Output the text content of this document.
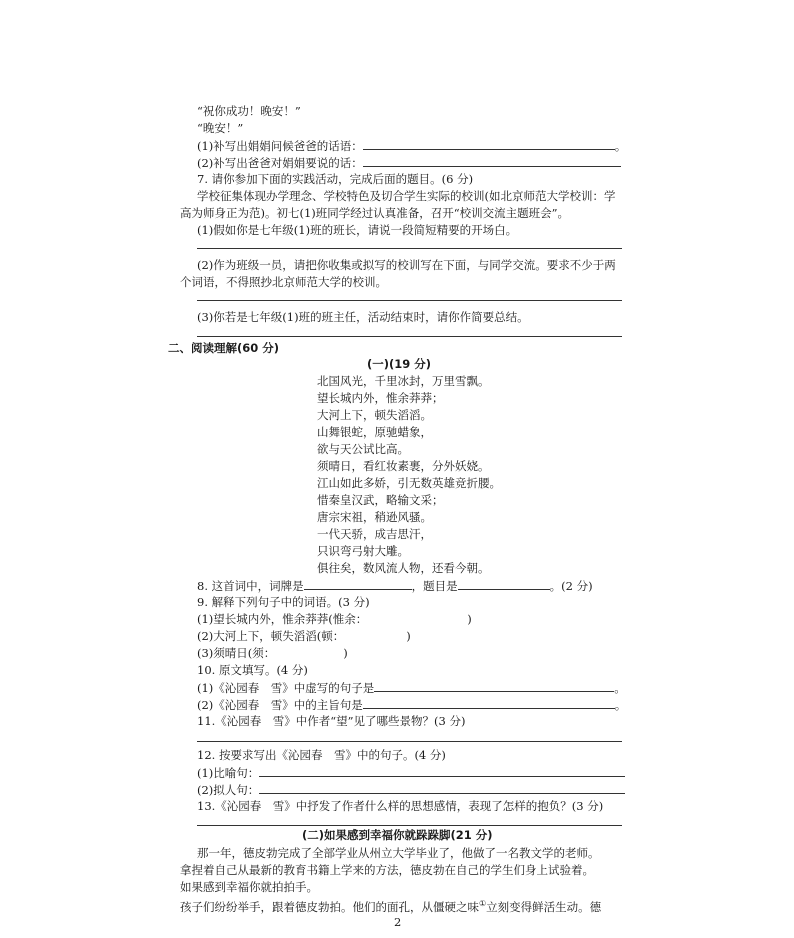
“祝你成功！晚安！”
“晚安！”
(1)补写出娟娟问候爸爸的话语：	。
(2)补写出爸爸对娟娟要说的话：
7. 请你参加下面的实践活动，完成后面的题目。(6 分)
学校征集体现办学理念、学校特色及切合学生实际的校训(如北京师范大学校训：学
高为师身正为范)。初七(1)班同学经过认真准备，召开“校训交流主题班会”。
(1)假如你是七年级(1)班的班长，请说一段简短精要的开场白。
(2)作为班级一员，请把你收集或拟写的校训写在下面，与同学交流。要求不少于两
个词语，不得照抄北京师范大学的校训。
(3)你若是七年级(1)班的班主任，活动结束时，请你作简要总结。
二、阅读理解(60 分)
(一)(19 分)
北国风光，千里冰封，万里雪飘。
望长城内外，惟余莽莽；
大河上下，顿失滔滔。
山舞银蛇，原驰蜡象，
欲与天公试比高。
须晴日，看红妆素裹，分外妖娆。
江山如此多娇，引无数英雄竞折腰。
惜秦皇汉武，略输文采；
唐宗宋祖，稍逊风骚。
一代天骄，成吉思汗，
只识弯弓射大雕。
俱往矣，数风流人物，还看今朝。
8. 这首词中，词牌是	，题目是	。(2 分)
9. 解释下列句子中的词语。(3 分)
(1)望长城内外，惟余莽莽(惟余：	)
(2)大河上下，顿失滔滔(顿：	)
(3)须晴日(须：	)
10. 原文填写。(4 分)
(1)《沁园春　雪》中虚写的句子是	。
(2)《沁园春　雪》中的主旨句是	。
11.《沁园春　雪》中作者“望”见了哪些景物？(3 分)
12. 按要求写出《沁园春　雪》中的句子。(4 分)
(1)比喻句：
(2)拟人句：
13.《沁园春　雪》中抒发了作者什么样的思想感情，表现了怎样的抱负？(3 分)
(二)如果感到幸福你就跺跺脚(21 分)
那一年，德皮勃完成了全部学业从州立大学毕业了，他做了一名教文学的老师。
拿捏着自己从最新的教育书籍上学来的方法，德皮勃在自己的学生们身上试验着。
如果感到幸福你就拍拍手。
孩子们纷纷举手，跟着德皮勃拍。他们的面孔，从僵硬之味①立刻变得鲜活生动。德
2
